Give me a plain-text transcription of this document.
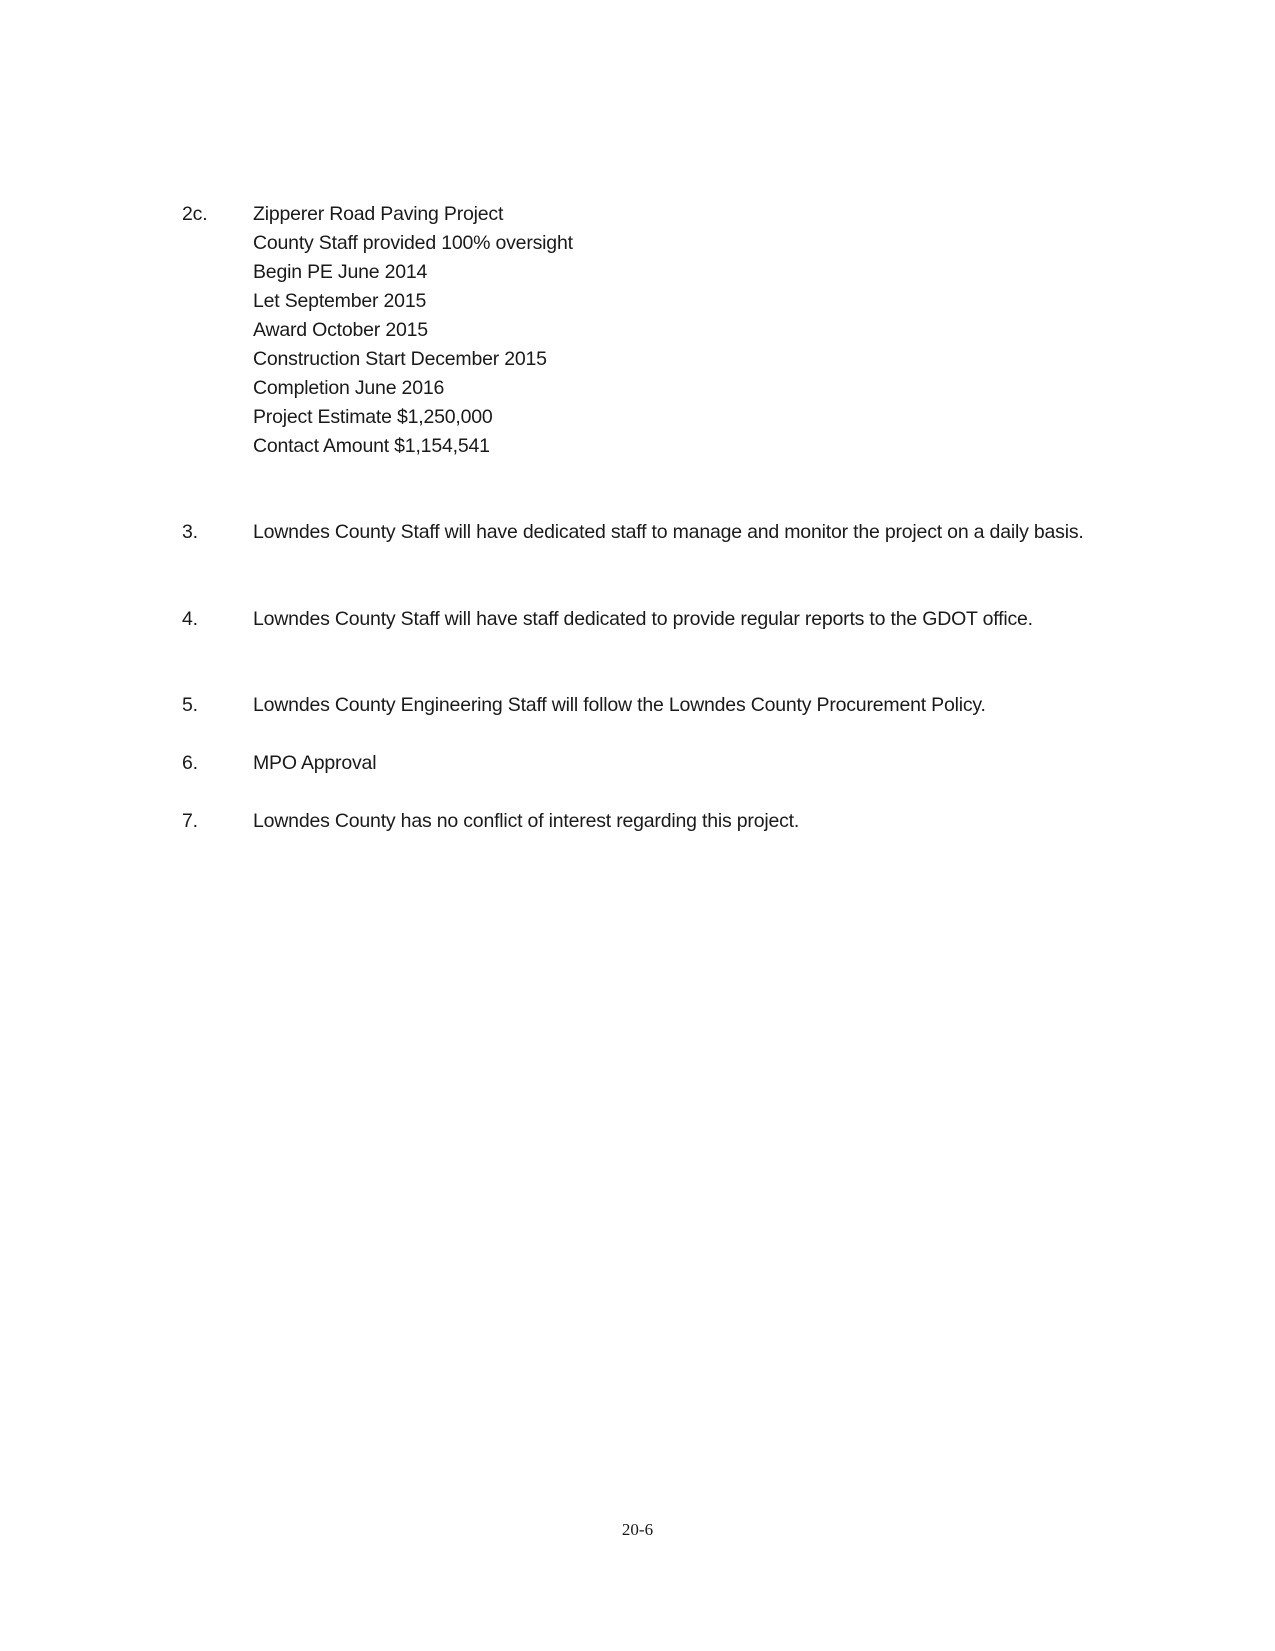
2c. Zipperer Road Paving Project
County Staff provided 100% oversight
Begin PE June 2014
Let September 2015
Award October 2015
Construction Start December 2015
Completion June 2016
Project Estimate $1,250,000
Contact Amount $1,154,541
3.	Lowndes County Staff will have dedicated staff to manage and monitor the project on a daily basis.
4.	Lowndes County Staff will have staff dedicated to provide regular reports to the GDOT office.
5.	Lowndes County Engineering Staff will follow the Lowndes County Procurement Policy.
6.	MPO Approval
7.	Lowndes County has no conflict of interest regarding this project.
20-6
